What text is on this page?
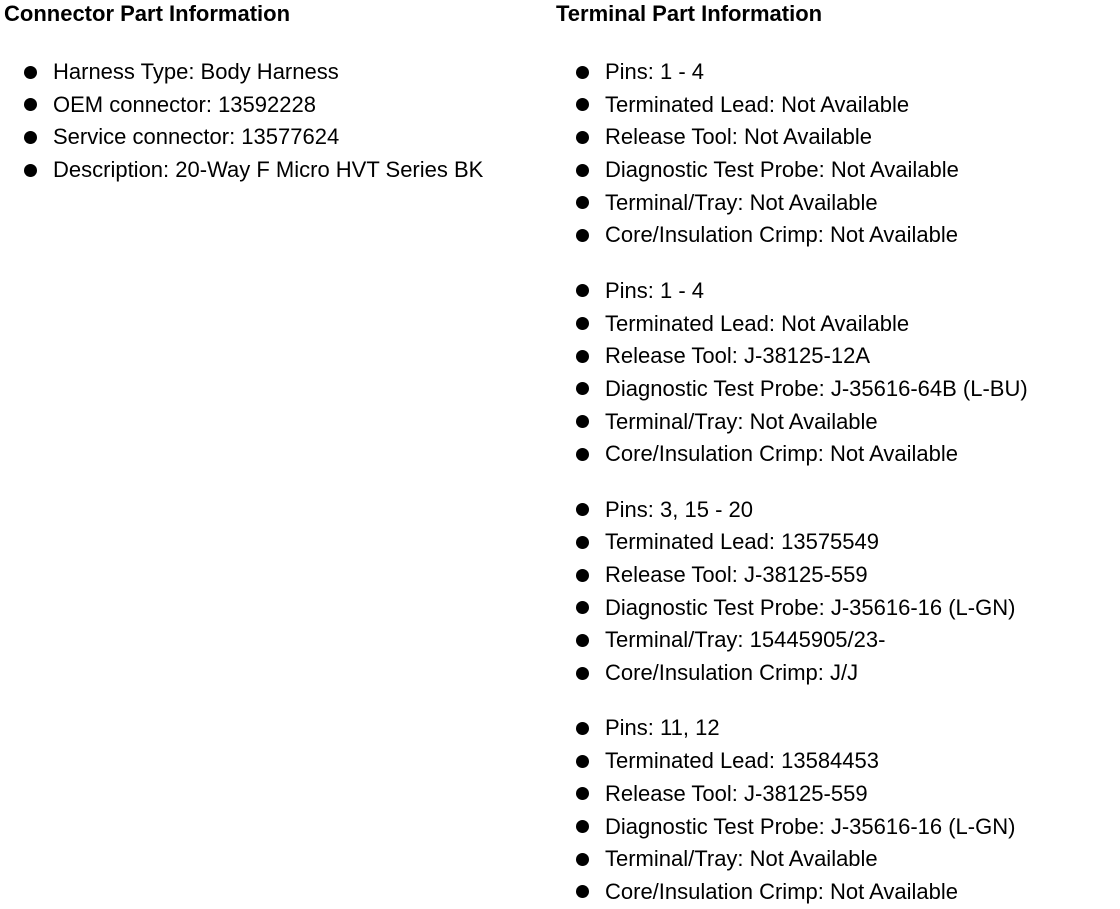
Connector Part Information
Harness Type: Body Harness
OEM connector: 13592228
Service connector: 13577624
Description: 20-Way F Micro HVT Series BK
Terminal Part Information
Pins: 1 - 4
Terminated Lead: Not Available
Release Tool: Not Available
Diagnostic Test Probe: Not Available
Terminal/Tray: Not Available
Core/Insulation Crimp: Not Available
Pins: 1 - 4
Terminated Lead: Not Available
Release Tool: J-38125-12A
Diagnostic Test Probe: J-35616-64B (L-BU)
Terminal/Tray: Not Available
Core/Insulation Crimp: Not Available
Pins: 3, 15 - 20
Terminated Lead: 13575549
Release Tool: J-38125-559
Diagnostic Test Probe: J-35616-16 (L-GN)
Terminal/Tray: 15445905/23-
Core/Insulation Crimp: J/J
Pins: 11, 12
Terminated Lead: 13584453
Release Tool: J-38125-559
Diagnostic Test Probe: J-35616-16 (L-GN)
Terminal/Tray: Not Available
Core/Insulation Crimp: Not Available
